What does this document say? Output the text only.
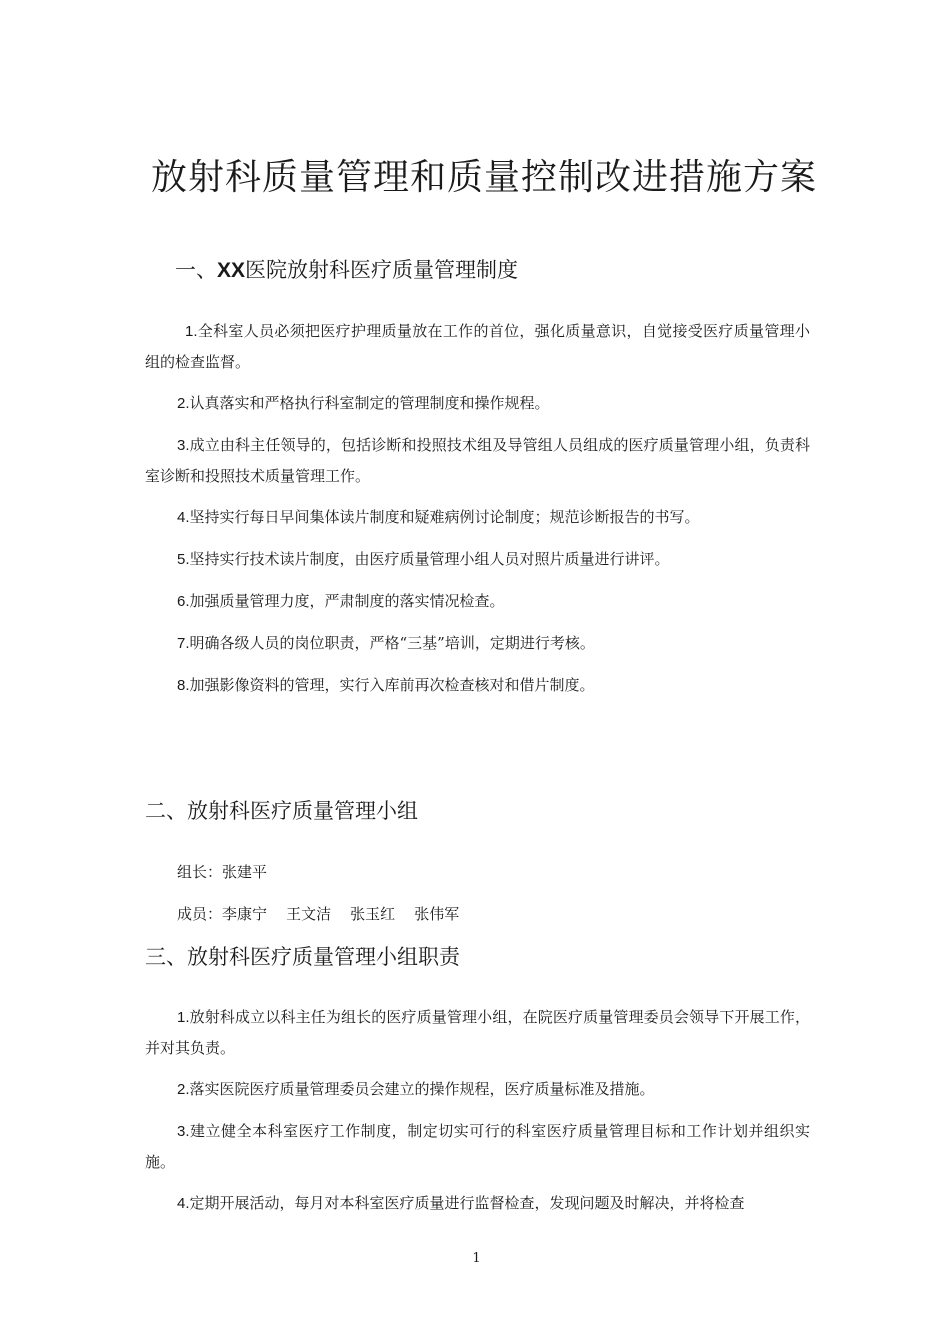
放射科质量管理和质量控制改进措施方案
一、XX医院放射科医疗质量管理制度

1.全科室人员必须把医疗护理质量放在工作的首位，强化质量意识，自觉接受医疗质量管理小组的检查监督。

2.认真落实和严格执行科室制定的管理制度和操作规程。

3.成立由科主任领导的，包括诊断和投照技术组及导管组人员组成的医疗质量管理小组，负责科室诊断和投照技术质量管理工作。

4.坚持实行每日早间集体读片制度和疑难病例讨论制度；规范诊断报告的书写。

5.坚持实行技术读片制度，由医疗质量管理小组人员对照片质量进行讲评。

6.加强质量管理力度，严肃制度的落实情况检查。

7.明确各级人员的岗位职责，严格“三基”培训，定期进行考核。

8.加强影像资料的管理，实行入库前再次检查核对和借片制度。

二、放射科医疗质量管理小组

组长：张建平

成员：李康宁    王文洁    张玉红    张伟军

三、放射科医疗质量管理小组职责

1.放射科成立以科主任为组长的医疗质量管理小组，在院医疗质量管理委员会领导下开展工作，并对其负责。

2.落实医院医疗质量管理委员会建立的操作规程，医疗质量标准及措施。

3.建立健全本科室医疗工作制度，制定切实可行的科室医疗质量管理目标和工作计划并组织实施。

4.定期开展活动，每月对本科室医疗质量进行监督检查，发现问题及时解决，并将检查

1
